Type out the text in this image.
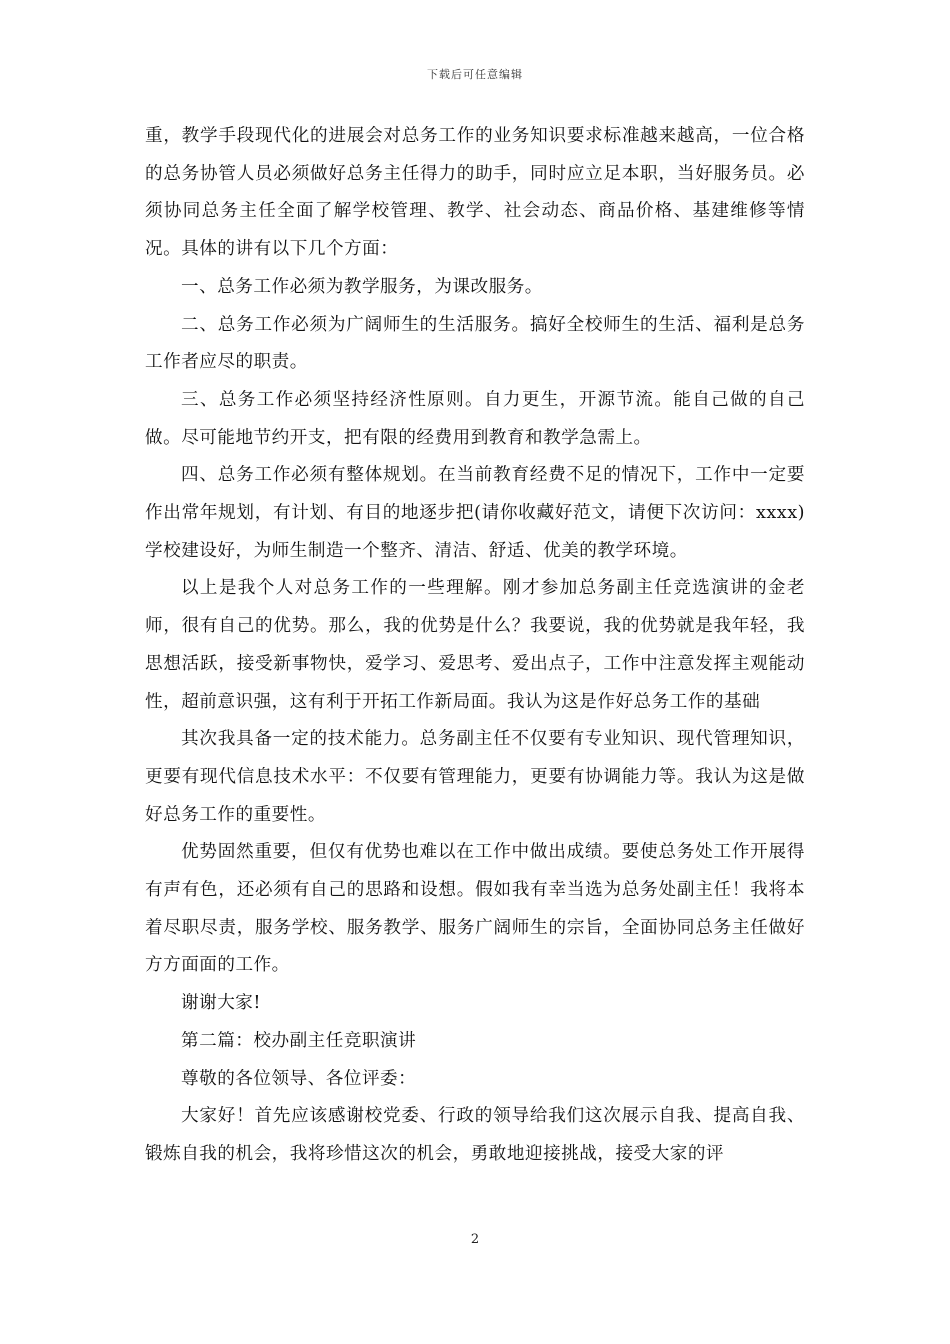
下载后可任意编辑

重，教学手段现代化的进展会对总务工作的业务知识要求标准越来越高，一位合格的总务协管人员必须做好总务主任得力的助手，同时应立足本职，当好服务员。必须协同总务主任全面了解学校管理、教学、社会动态、商品价格、基建维修等情况。具体的讲有以下几个方面：

一、总务工作必须为教学服务，为课改服务。

二、总务工作必须为广阔师生的生活服务。搞好全校师生的生活、福利是总务工作者应尽的职责。

三、总务工作必须坚持经济性原则。自力更生，开源节流。能自己做的自己做。尽可能地节约开支，把有限的经费用到教育和教学急需上。

四、总务工作必须有整体规划。在当前教育经费不足的情况下，工作中一定要作出常年规划，有计划、有目的地逐步把(请你收藏好范文，请便下次访问：xxxx)学校建设好，为师生制造一个整齐、清洁、舒适、优美的教学环境。

以上是我个人对总务工作的一些理解。刚才参加总务副主任竞选演讲的金老师，很有自己的优势。那么，我的优势是什么？我要说，我的优势就是我年轻，我思想活跃，接受新事物快，爱学习、爱思考、爱出点子，工作中注意发挥主观能动性，超前意识强，这有利于开拓工作新局面。我认为这是作好总务工作的基础

其次我具备一定的技术能力。总务副主任不仅要有专业知识、现代管理知识，更要有现代信息技术水平：不仅要有管理能力，更要有协调能力等。我认为这是做好总务工作的重要性。

优势固然重要，但仅有优势也难以在工作中做出成绩。要使总务处工作开展得有声有色，还必须有自己的思路和设想。假如我有幸当选为总务处副主任！我将本着尽职尽责，服务学校、服务教学、服务广阔师生的宗旨，全面协同总务主任做好方方面面的工作。

谢谢大家!

第二篇：校办副主任竞职演讲

尊敬的各位领导、各位评委：

大家好！首先应该感谢校党委、行政的领导给我们这次展示自我、提高自我、锻炼自我的机会，我将珍惜这次的机会，勇敢地迎接挑战，接受大家的评

2
